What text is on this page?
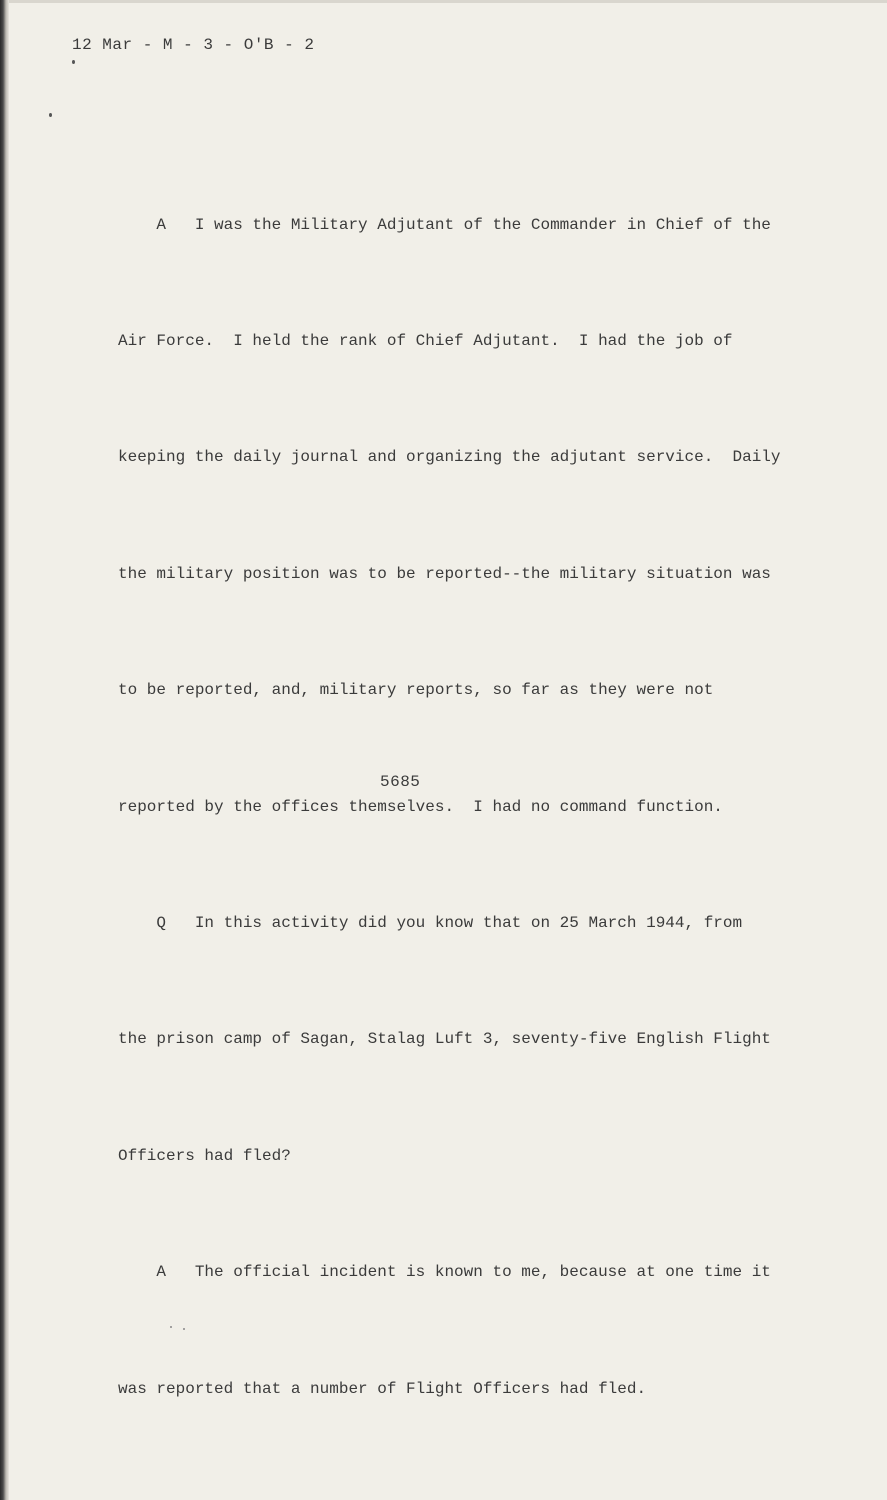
12 Mar - M - 3 - O'B - 2

A   I was the Military Adjutant of the Commander in Chief of the

Air Force.  I held the rank of Chief Adjutant.  I had the job of

keeping the daily journal and organizing the adjutant service.  Daily

the military position was to be reported--the military situation was

to be reported, and, military reports, so far as they were not

reported by the offices themselves.  I had no command function.

Q   In this activity did you know that on 25 March 1944, from

the prison camp of Sagan, Stalag Luft 3, seventy-five English Flight

Officers had fled?

A   The official incident is known to me, because at one time it

was reported that a number of Flight Officers had fled.

5685
